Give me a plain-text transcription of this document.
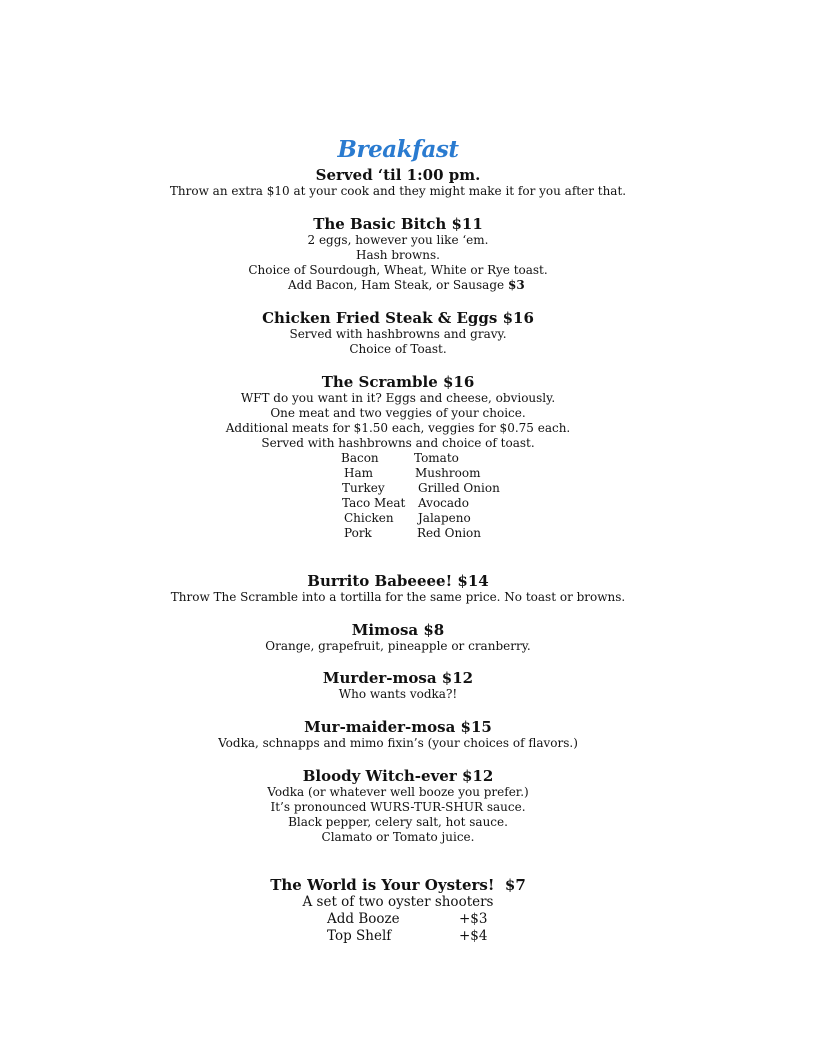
Breakfast
Served ‘til 1:00 pm.
Throw an extra $10 at your cook and they might make it for you after that.
The Basic Bitch $11
2 eggs, however you like ‘em.
Hash browns.
Choice of Sourdough, Wheat, White or Rye toast.
Add Bacon, Ham Steak, or Sausage $3
Chicken Fried Steak & Eggs $16
Served with hashbrowns and gravy.
Choice of Toast.
The Scramble $16
WFT do you want in it? Eggs and cheese, obviously.
One meat and two veggies of your choice.
Additional meats for $1.50 each, veggies for $0.75 each.
Served with hashbrowns and choice of toast.
Bacon	Tomato
Ham	Mushroom
Turkey	Grilled Onion
Taco Meat Avocado
Chicken Jalapeno
Pork	Red Onion
Burrito Babeeee! $14
Throw The Scramble into a tortilla for the same price. No toast or browns.
Mimosa $8
Orange, grapefruit, pineapple or cranberry.
Murder-mosa $12
Who wants vodka?!
Mur-maider-mosa $15
Vodka, schnapps and mimo fixin’s (your choices of flavors.)
Bloody Witch-ever $12
Vodka (or whatever well booze you prefer.)
It’s pronounced WURS-TUR-SHUR sauce.
Black pepper, celery salt, hot sauce.
Clamato or Tomato juice.
The World is Your Oysters!  $7
A set of two oyster shooters
Add Booze	+$3
Top Shelf	+$4
